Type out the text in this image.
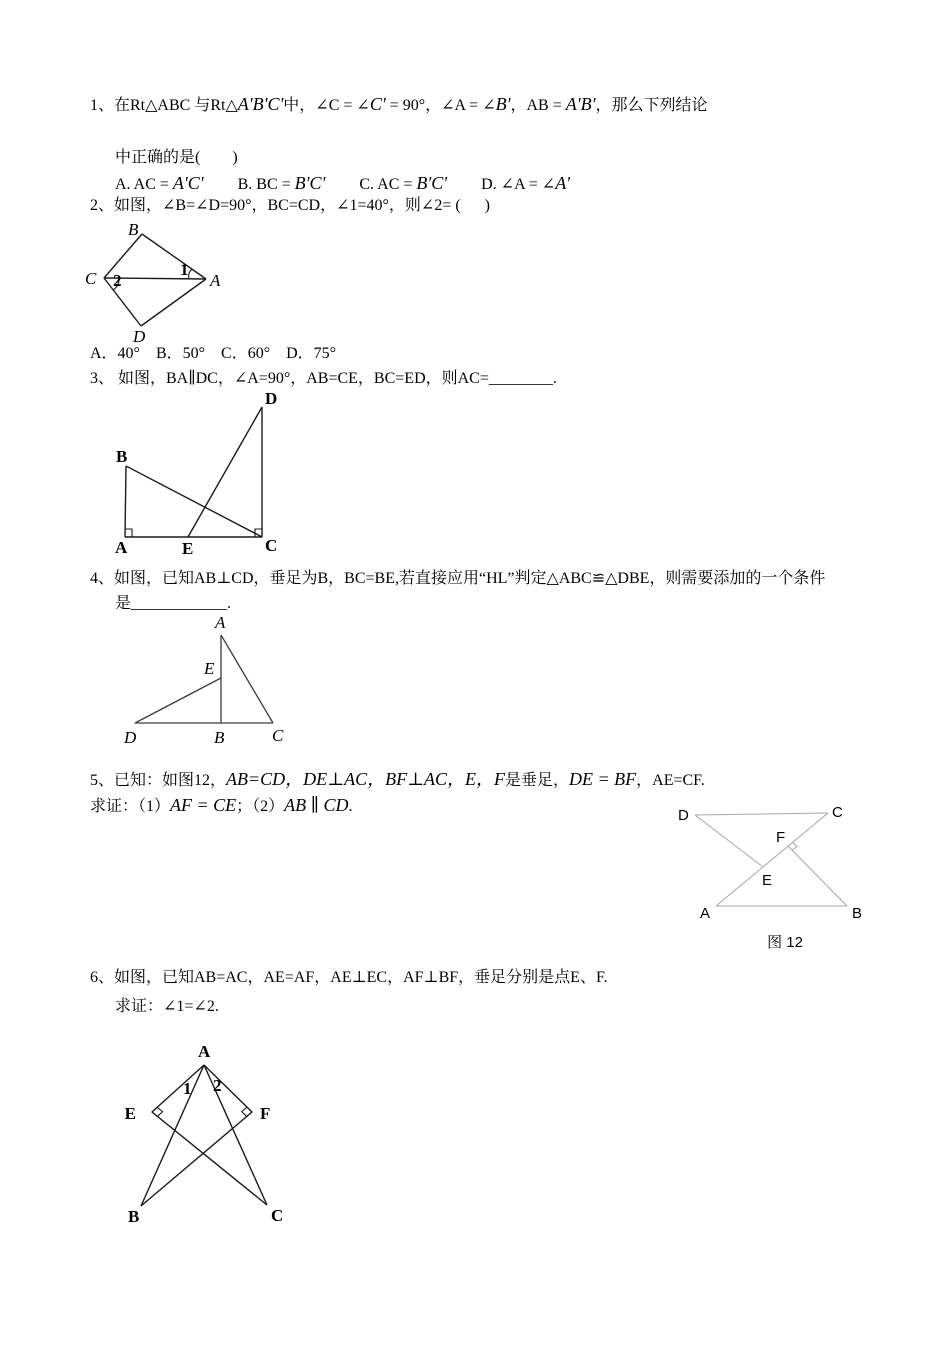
1、在Rt△ABC 与Rt△A'B'C'中，∠C = ∠C' = 90°，∠A = ∠B'，AB = A'B'，那么下列结论
中正确的是(        )
A. AC = A'C' B. BC = B'C' C. AC = B'C' D. ∠A = ∠A'
2、如图，∠B=∠D=90°，BC=CD，∠1=40°，则∠2= (      )
B
C	A
D
1
2
A．40° B．50° C．60° D．75°
3、 如图，BA∥DC，∠A=90°，AB=CE，BC=ED，则AC=________.
A
B
E	C
D
4、如图，已知AB⊥CD，垂足为B，BC=BE,若直接应用“HL”判定△ABC≌△DBE，则需要添加的一个条件
是____________.
A
E
D	B	C
5、已知：如图12，AB=CD，DE⊥AC，BF⊥AC，E，F是垂足，DE = BF，AE=CF.
求证：（1）AF = CE；（2）AB ∥ CD.
D	C
A	B
F
E
图 12
6、如图，已知AB=AC，AE=AF，AE⊥EC，AF⊥BF，垂足分别是点E、F.
求证：∠1=∠2.
A
E	F
B	C
1 2
